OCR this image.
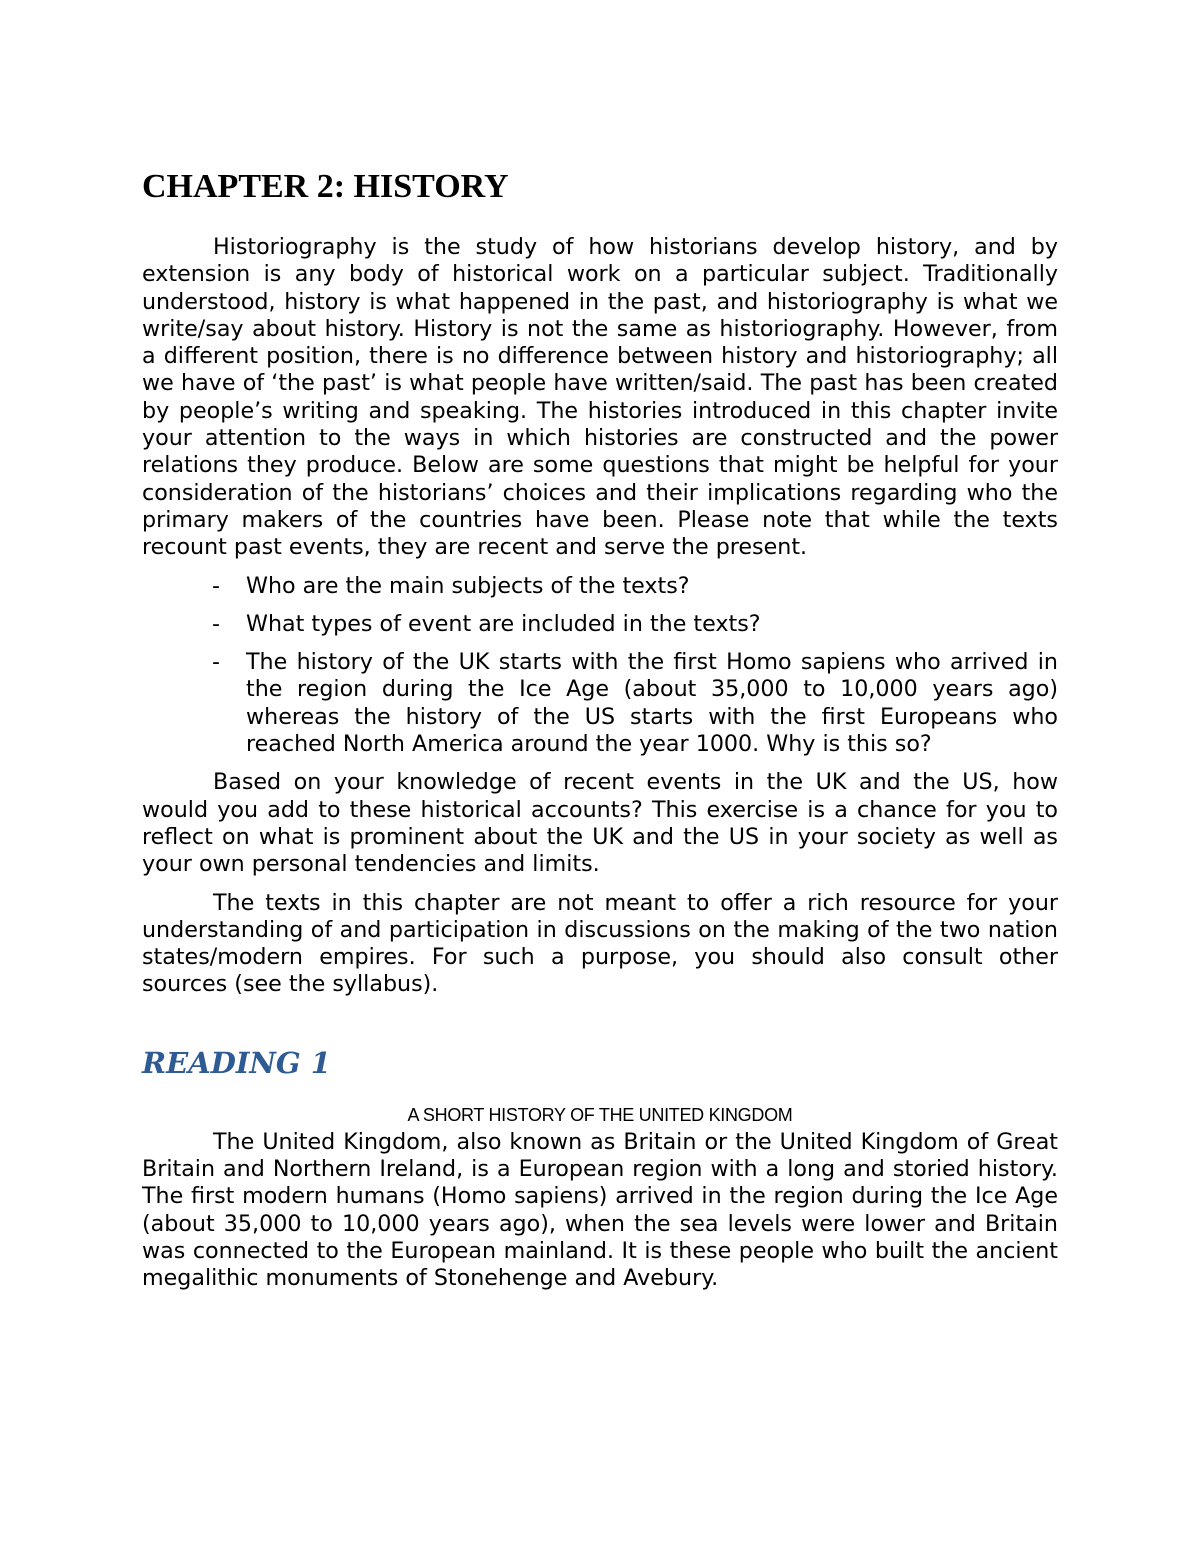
CHAPTER 2: HISTORY

Historiography is the study of how historians develop history, and by extension is any body of historical work on a particular subject. Traditionally understood, history is what happened in the past, and historiography is what we write/say about history. History is not the same as historiography. However, from a different position, there is no difference between history and historiography; all we have of ‘the past’ is what people have written/said. The past has been created by people’s writing and speaking. The histories introduced in this chapter invite your attention to the ways in which histories are constructed and the power relations they produce. Below are some questions that might be helpful for your consideration of the historians’ choices and their implications regarding who the primary makers of the countries have been. Please note that while the texts recount past events, they are recent and serve the present.

- Who are the main subjects of the texts?
- What types of event are included in the texts?
- The history of the UK starts with the first Homo sapiens who arrived in the region during the Ice Age (about 35,000 to 10,000 years ago) whereas the history of the US starts with the first Europeans who reached North America around the year 1000. Why is this so?

Based on your knowledge of recent events in the UK and the US, how would you add to these historical accounts? This exercise is a chance for you to reflect on what is prominent about the UK and the US in your society as well as your own personal tendencies and limits.

The texts in this chapter are not meant to offer a rich resource for your understanding of and participation in discussions on the making of the two nation states/modern empires. For such a purpose, you should also consult other sources (see the syllabus).

READING 1

A SHORT HISTORY OF THE UNITED KINGDOM

The United Kingdom, also known as Britain or the United Kingdom of Great Britain and Northern Ireland, is a European region with a long and storied history. The first modern humans (Homo sapiens) arrived in the region during the Ice Age (about 35,000 to 10,000 years ago), when the sea levels were lower and Britain was connected to the European mainland. It is these people who built the ancient megalithic monuments of Stonehenge and Avebury.
